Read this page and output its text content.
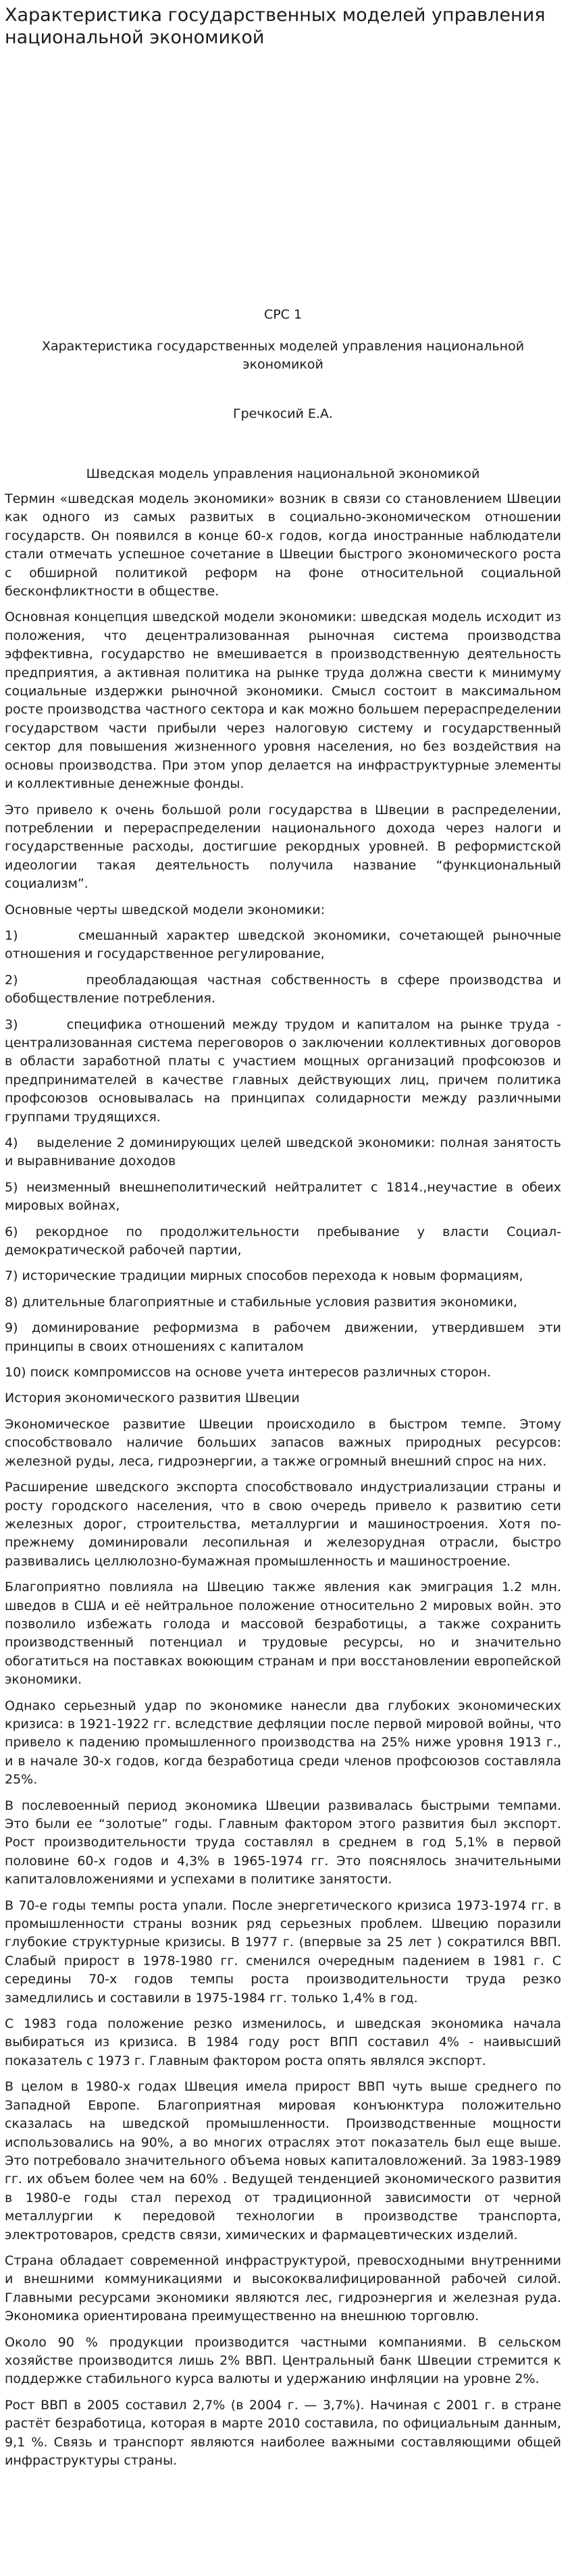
Характеристика государственных моделей управления национальной экономикой

СРС 1

Характеристика государственных моделей управления национальной экономикой

Гречкосий Е.А.

Шведская модель управления национальной экономикой

Термин «шведская модель экономики» возник в связи со становлением Швеции как одного из самых развитых в социально-экономическом отношении государств. Он появился в конце 60-х годов, когда иностранные наблюдатели стали отмечать успешное сочетание в Швеции быстрого экономического роста с обширной политикой реформ на фоне относительной социальной бесконфликтности в обществе.

Основная концепция шведской модели экономики: шведская модель исходит из положения, что децентрализованная рыночная система производства эффективна, государство не вмешивается в производственную деятельность предприятия, а активная политика на рынке труда должна свести к минимуму социальные издержки рыночной экономики. Смысл состоит в максимальном росте производства частного сектора и как можно большем перераспределении государством части прибыли через налоговую систему и государственный сектор для повышения жизненного уровня населения, но без воздействия на основы производства. При этом упор делается на инфраструктурные элементы и коллективные денежные фонды.

Это привело к очень большой роли государства в Швеции в распределении, потреблении и перераспределении национального дохода через налоги и государственные расходы, достигшие рекордных уровней. В реформистской идеологии такая деятельность получила название “функциональный социализм”.

Основные черты шведской модели экономики:

1)       смешанный характер шведской экономики, сочетающей рыночные отношения и государственное регулирование,

2)       преобладающая частная собственность в сфере производства и обобществление потребления.

3)       специфика отношений между трудом и капиталом на рынке труда - централизованная система переговоров о заключении коллективных договоров в области заработной платы с участием мощных организаций профсоюзов и предпринимателей в качестве главных действующих лиц, причем политика профсоюзов основывалась на принципах солидарности между различными группами трудящихся.

4)    выделение 2 доминирующих целей шведской экономики: полная занятость и выравнивание доходов

5) неизменный внешнеполитический нейтралитет с 1814.,неучастие в обеих мировых войнах,

6) рекордное по продолжительности пребывание у власти Социал-демократической рабочей партии,

7) исторические традиции мирных способов перехода к новым формациям,

8) длительные благоприятные и стабильные условия развития экономики,

9) доминирование реформизма в рабочем движении, утвердившем эти принципы в своих отношениях с капиталом

10) поиск компромиссов на основе учета интересов различных сторон.

История экономического развития Швеции

Экономическое развитие Швеции происходило в быстром темпе. Этому способствовало наличие больших запасов важных природных ресурсов: железной руды, леса, гидроэнергии, а также огромный внешний спрос на них.

Расширение шведского экспорта способствовало индустриализации страны и росту городского населения, что в свою очередь привело к развитию сети железных дорог, строительства, металлургии и машиностроения. Хотя по-прежнему доминировали лесопильная и железорудная отрасли, быстро развивались целлюлозно-бумажная промышленность и машиностроение.

Благоприятно повлияла на Швецию также явления как эмиграция 1.2 млн. шведов в США и её нейтральное положение относительно 2 мировых войн. это позволило избежать голода и массовой безработицы, а также сохранить производственный потенциал и трудовые ресурсы, но и значительно обогатиться на поставках воюющим странам и при восстановлении европейской экономики.

Однако серьезный удар по экономике нанесли два глубоких экономических кризиса: в 1921-1922 гг. вследствие дефляции после первой мировой войны, что привело к падению промышленного производства на 25% ниже уровня 1913 г., и в начале 30-х годов, когда безработица среди членов профсоюзов составляла 25%.

В послевоенный период экономика Швеции развивалась быстрыми темпами. Это были ее “золотые” годы. Главным фактором этого развития был экспорт. Рост производительности труда составлял в среднем в год 5,1% в первой половине 60-х годов и 4,3% в 1965-1974 гг. Это пояснялось значительными капиталовложениями и успехами в политике занятости.

В 70-е годы темпы роста упали. После энергетического кризиса 1973-1974 гг. в промышленности страны возник ряд серьезных проблем. Швецию поразили глубокие структурные кризисы. В 1977 г. (впервые за 25 лет ) сократился ВВП. Слабый прирост в 1978-1980 гг. сменился очередным падением в 1981 г. С середины 70-х годов темпы роста производительности труда резко замедлились и составили в 1975-1984 гг. только 1,4% в год.

С 1983 года положение резко изменилось, и шведская экономика начала выбираться из кризиса. В 1984 году рост ВПП составил 4% - наивысший показатель с 1973 г. Главным фактором роста опять являлся экспорт.

В целом в 1980-х годах Швеция имела прирост ВВП чуть выше среднего по Западной Европе. Благоприятная мировая конъюнктура положительно сказалась на шведской промышленности. Производственные мощности использовались на 90%, а во многих отраслях этот показатель был еще выше. Это потребовало значительного объема новых капиталовложений. За 1983-1989 гг. их объем более чем на 60% . Ведущей тенденцией экономического развития в 1980-е годы стал переход от традиционной зависимости от черной металлургии к передовой технологии в производстве транспорта, электротоваров, средств связи, химических и фармацевтических изделий.

Страна обладает современной инфраструктурой, превосходными внутренними и внешними коммуникациями и высококвалифицированной рабочей силой. Главными ресурсами экономики являются лес, гидроэнергия и железная руда. Экономика ориентирована преимущественно на внешнюю торговлю.

Около 90 % продукции производится частными компаниями. В сельском хозяйстве производится лишь 2% ВВП. Центральный банк Швеции стремится к поддержке стабильного курса валюты и удержанию инфляции на уровне 2%.

Рост ВВП в 2005 составил 2,7% (в 2004 г. — 3,7%). Начиная с 2001 г. в стране растёт безработица, которая в марте 2010 составила, по официальным данным, 9,1 %. Связь и транспорт являются наиболее важными составляющими общей инфраструктуры страны.
